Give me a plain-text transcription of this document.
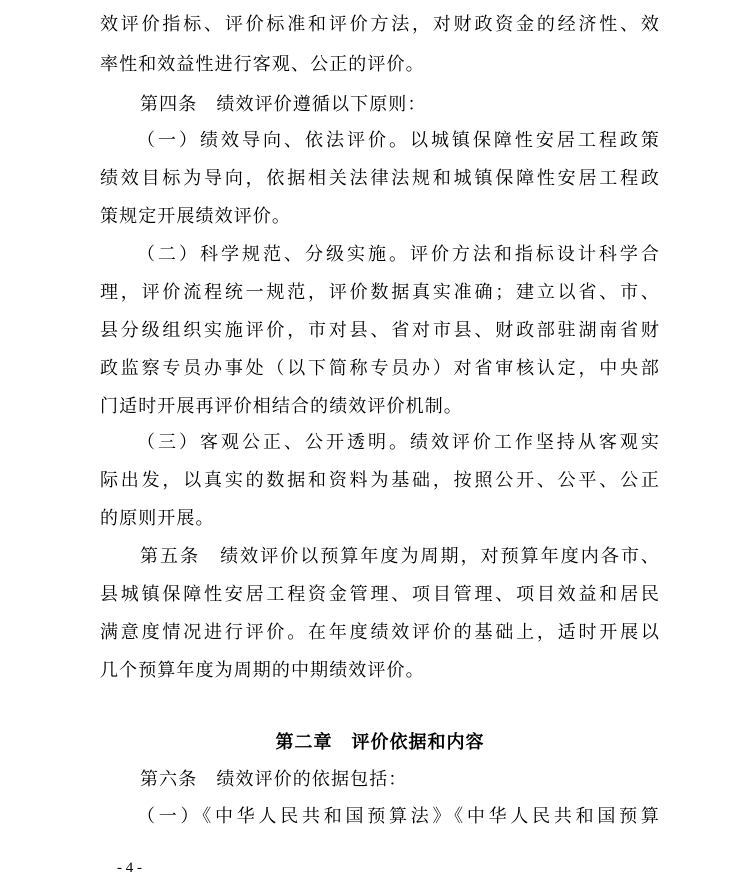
效评价指标、评价标准和评价方法，对财政资金的经济性、效
率性和效益性进行客观、公正的评价。
第四条　绩效评价遵循以下原则：
（一）绩效导向、依法评价。以城镇保障性安居工程政策
绩效目标为导向，依据相关法律法规和城镇保障性安居工程政
策规定开展绩效评价。
（二）科学规范、分级实施。评价方法和指标设计科学合
理，评价流程统一规范，评价数据真实准确；建立以省、市、
县分级组织实施评价，市对县、省对市县、财政部驻湖南省财
政监察专员办事处（以下简称专员办）对省审核认定，中央部
门适时开展再评价相结合的绩效评价机制。
（三）客观公正、公开透明。绩效评价工作坚持从客观实
际出发，以真实的数据和资料为基础，按照公开、公平、公正
的原则开展。
第五条　绩效评价以预算年度为周期，对预算年度内各市、
县城镇保障性安居工程资金管理、项目管理、项目效益和居民
满意度情况进行评价。在年度绩效评价的基础上，适时开展以
几个预算年度为周期的中期绩效评价。
第二章　评价依据和内容
第六条　绩效评价的依据包括：
（一）《中华人民共和国预算法》《中华人民共和国预算
- 4 -
